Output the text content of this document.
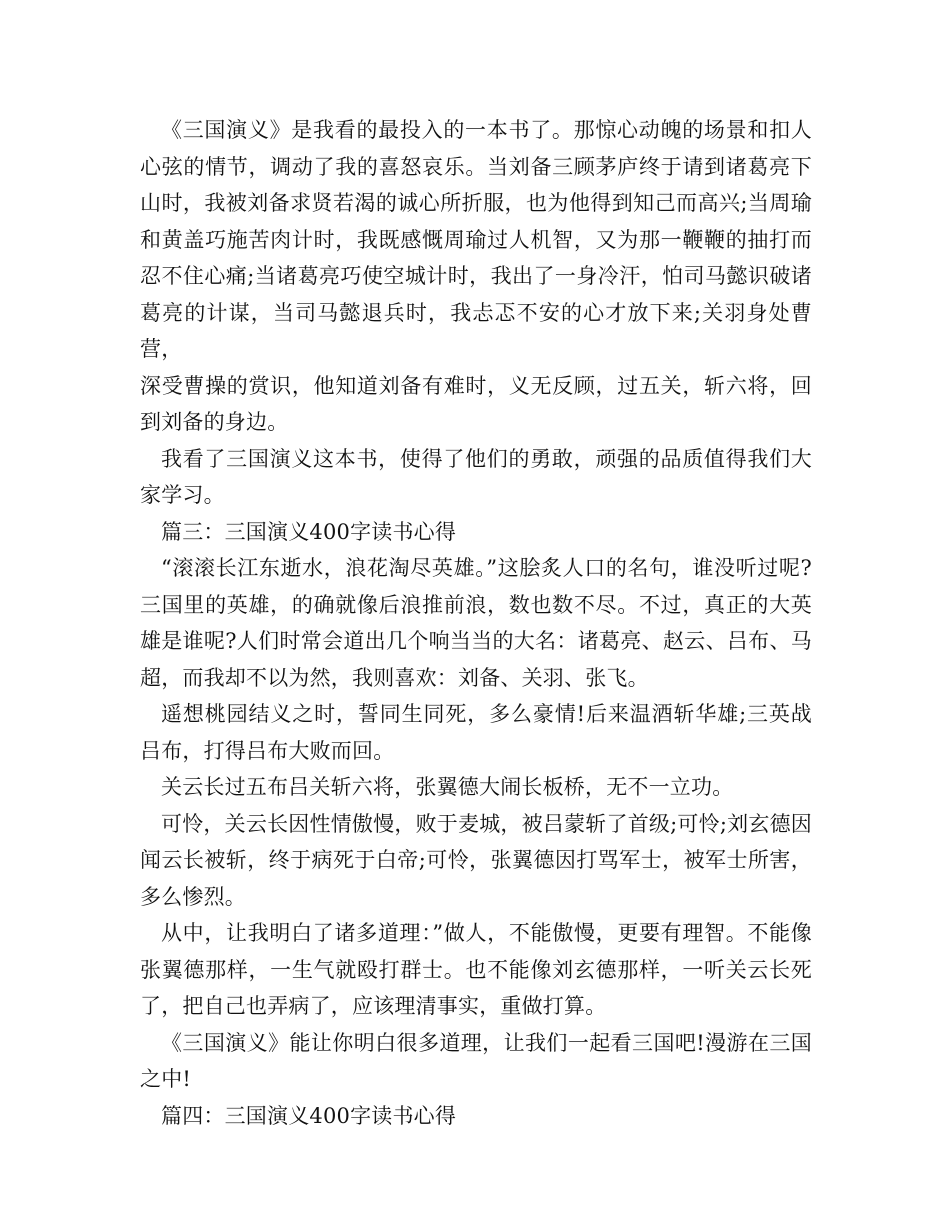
《三国演义》是我看的最投入的一本书了。那惊心动魄的场景和扣人心弦的情节，调动了我的喜怒哀乐。当刘备三顾茅庐终于请到诸葛亮下山时，我被刘备求贤若渴的诚心所折服，也为他得到知己而高兴;当周瑜和黄盖巧施苦肉计时，我既感慨周瑜过人机智，又为那一鞭鞭的抽打而忍不住心痛;当诸葛亮巧使空城计时，我出了一身冷汗，怕司马懿识破诸葛亮的计谋，当司马懿退兵时，我忐忑不安的心才放下来;关羽身处曹营，

深受曹操的赏识，他知道刘备有难时，义无反顾，过五关，斩六将，回到刘备的身边。

我看了三国演义这本书，使得了他们的勇敢，顽强的品质值得我们大家学习。

篇三：三国演义400字读书心得

“滚滚长江东逝水，浪花淘尽英雄。”这脍炙人口的名句，谁没听过呢?三国里的英雄，的确就像后浪推前浪，数也数不尽。不过，真正的大英雄是谁呢?人们时常会道出几个响当当的大名：诸葛亮、赵云、吕布、马超，而我却不以为然，我则喜欢：刘备、关羽、张飞。

遥想桃园结义之时，誓同生同死，多么豪情!后来温酒斩华雄;三英战吕布，打得吕布大败而回。

关云长过五布吕关斩六将，张翼德大闹长板桥，无不一立功。

可怜，关云长因性情傲慢，败于麦城，被吕蒙斩了首级;可怜;刘玄德因闻云长被斩，终于病死于白帝;可怜，张翼德因打骂军士，被军士所害，多么惨烈。

从中，让我明白了诸多道理：”做人，不能傲慢，更要有理智。不能像张翼德那样，一生气就殴打群士。也不能像刘玄德那样，一听关云长死了，把自己也弄病了，应该理清事实，重做打算。

《三国演义》能让你明白很多道理，让我们一起看三国吧!漫游在三国之中!

篇四：三国演义400字读书心得
